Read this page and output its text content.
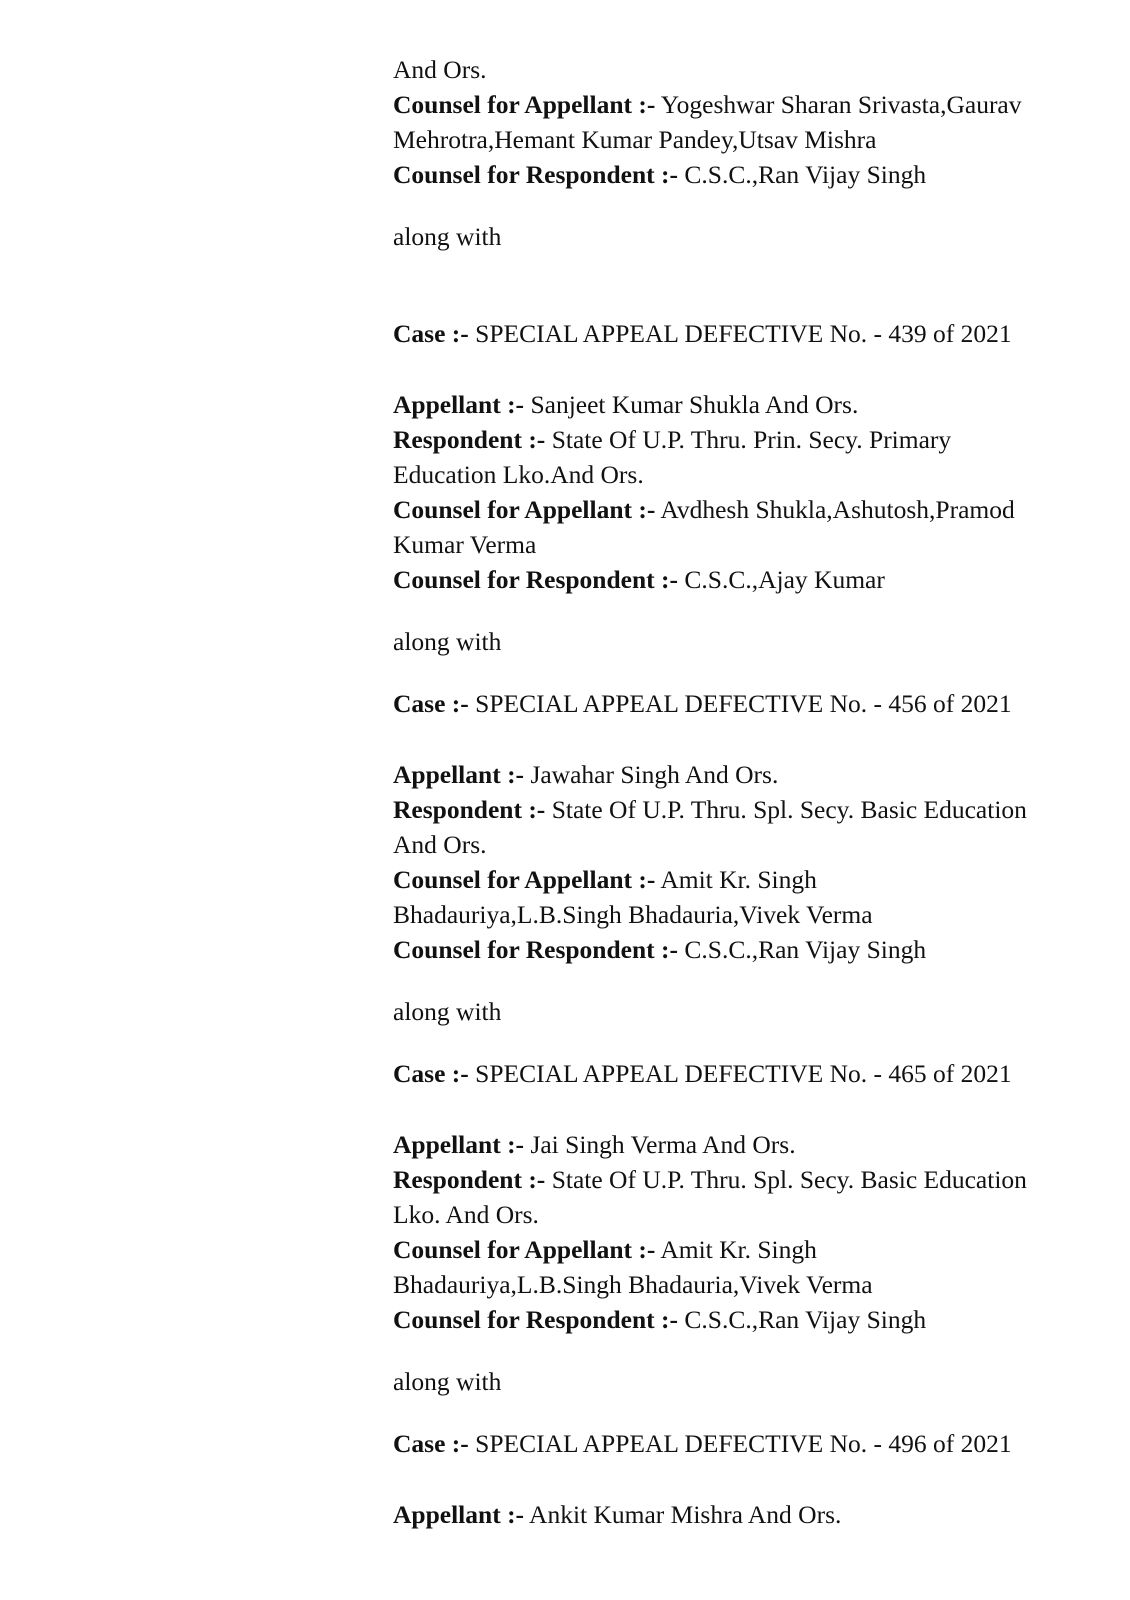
And Ors.
Counsel for Appellant :- Yogeshwar Sharan Srivasta,Gaurav
Mehrotra,Hemant Kumar Pandey,Utsav Mishra
Counsel for Respondent :- C.S.C.,Ran Vijay Singh
along with
Case :- SPECIAL APPEAL DEFECTIVE No. - 439 of 2021
Appellant :- Sanjeet Kumar Shukla And Ors.
Respondent :- State Of U.P. Thru. Prin. Secy. Primary
Education Lko.And Ors.
Counsel for Appellant :- Avdhesh Shukla,Ashutosh,Pramod
Kumar Verma
Counsel for Respondent :- C.S.C.,Ajay Kumar
along with
Case :- SPECIAL APPEAL DEFECTIVE No. - 456 of 2021
Appellant :- Jawahar Singh And Ors.
Respondent :- State Of U.P. Thru. Spl. Secy. Basic Education
And Ors.
Counsel for Appellant :- Amit Kr. Singh
Bhadauriya,L.B.Singh Bhadauria,Vivek Verma
Counsel for Respondent :- C.S.C.,Ran Vijay Singh
along with
Case :- SPECIAL APPEAL DEFECTIVE No. - 465 of 2021
Appellant :- Jai Singh Verma And Ors.
Respondent :- State Of U.P. Thru. Spl. Secy. Basic Education
Lko. And Ors.
Counsel for Appellant :- Amit Kr. Singh
Bhadauriya,L.B.Singh Bhadauria,Vivek Verma
Counsel for Respondent :- C.S.C.,Ran Vijay Singh
along with
Case :- SPECIAL APPEAL DEFECTIVE No. - 496 of 2021
Appellant :- Ankit Kumar Mishra And Ors.
